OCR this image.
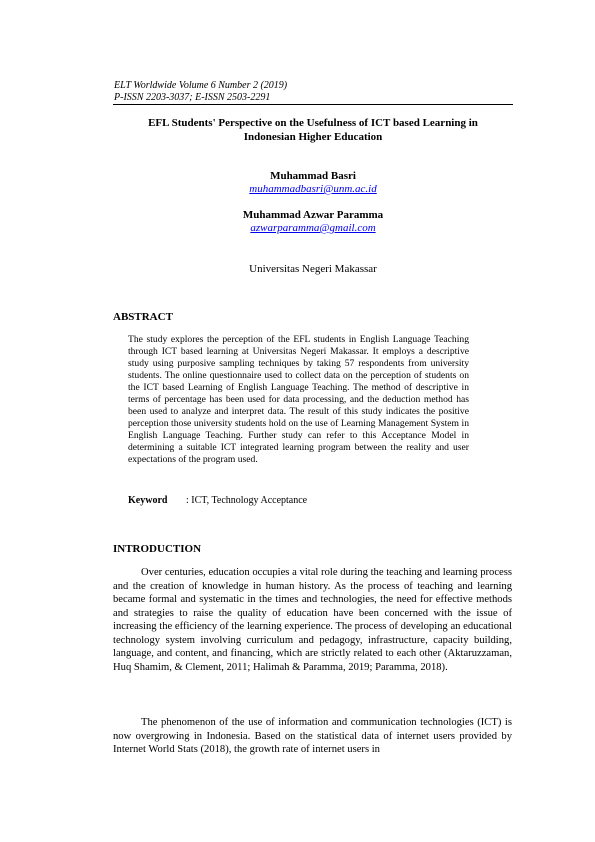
ELT Worldwide Volume 6 Number 2 (2019)
P-ISSN 2203-3037; E-ISSN 2503-2291
EFL Students' Perspective on the Usefulness of ICT based Learning in
Indonesian Higher Education
Muhammad Basri
muhammadbasri@unm.ac.id
Muhammad Azwar Paramma
azwarparamma@gmail.com
Universitas Negeri Makassar
ABSTRACT
The study explores the perception of the EFL students in English Language Teaching through ICT based learning at Universitas Negeri Makassar. It employs a descriptive study using purposive sampling techniques by taking 57 respondents from university students. The online questionnaire used to collect data on the perception of students on the ICT based Learning of English Language Teaching. The method of descriptive in terms of percentage has been used for data processing, and the deduction method has been used to analyze and interpret data. The result of this study indicates the positive perception those university students hold on the use of Learning Management System in English Language Teaching. Further study can refer to this Acceptance Model in determining a suitable ICT integrated learning program between the reality and user expectations of the program used.
Keyword : ICT, Technology Acceptance
INTRODUCTION
Over centuries, education occupies a vital role during the teaching and learning process and the creation of knowledge in human history. As the process of teaching and learning became formal and systematic in the times and technologies, the need for effective methods and strategies to raise the quality of education have been concerned with the issue of increasing the efficiency of the learning experience. The process of developing an educational technology system involving curriculum and pedagogy, infrastructure, capacity building, language, and content, and financing, which are strictly related to each other (Aktaruzzaman, Huq Shamim, & Clement, 2011; Halimah & Paramma, 2019; Paramma, 2018).
The phenomenon of the use of information and communication technologies (ICT) is now overgrowing in Indonesia. Based on the statistical data of internet users provided by Internet World Stats (2018), the growth rate of internet users in
